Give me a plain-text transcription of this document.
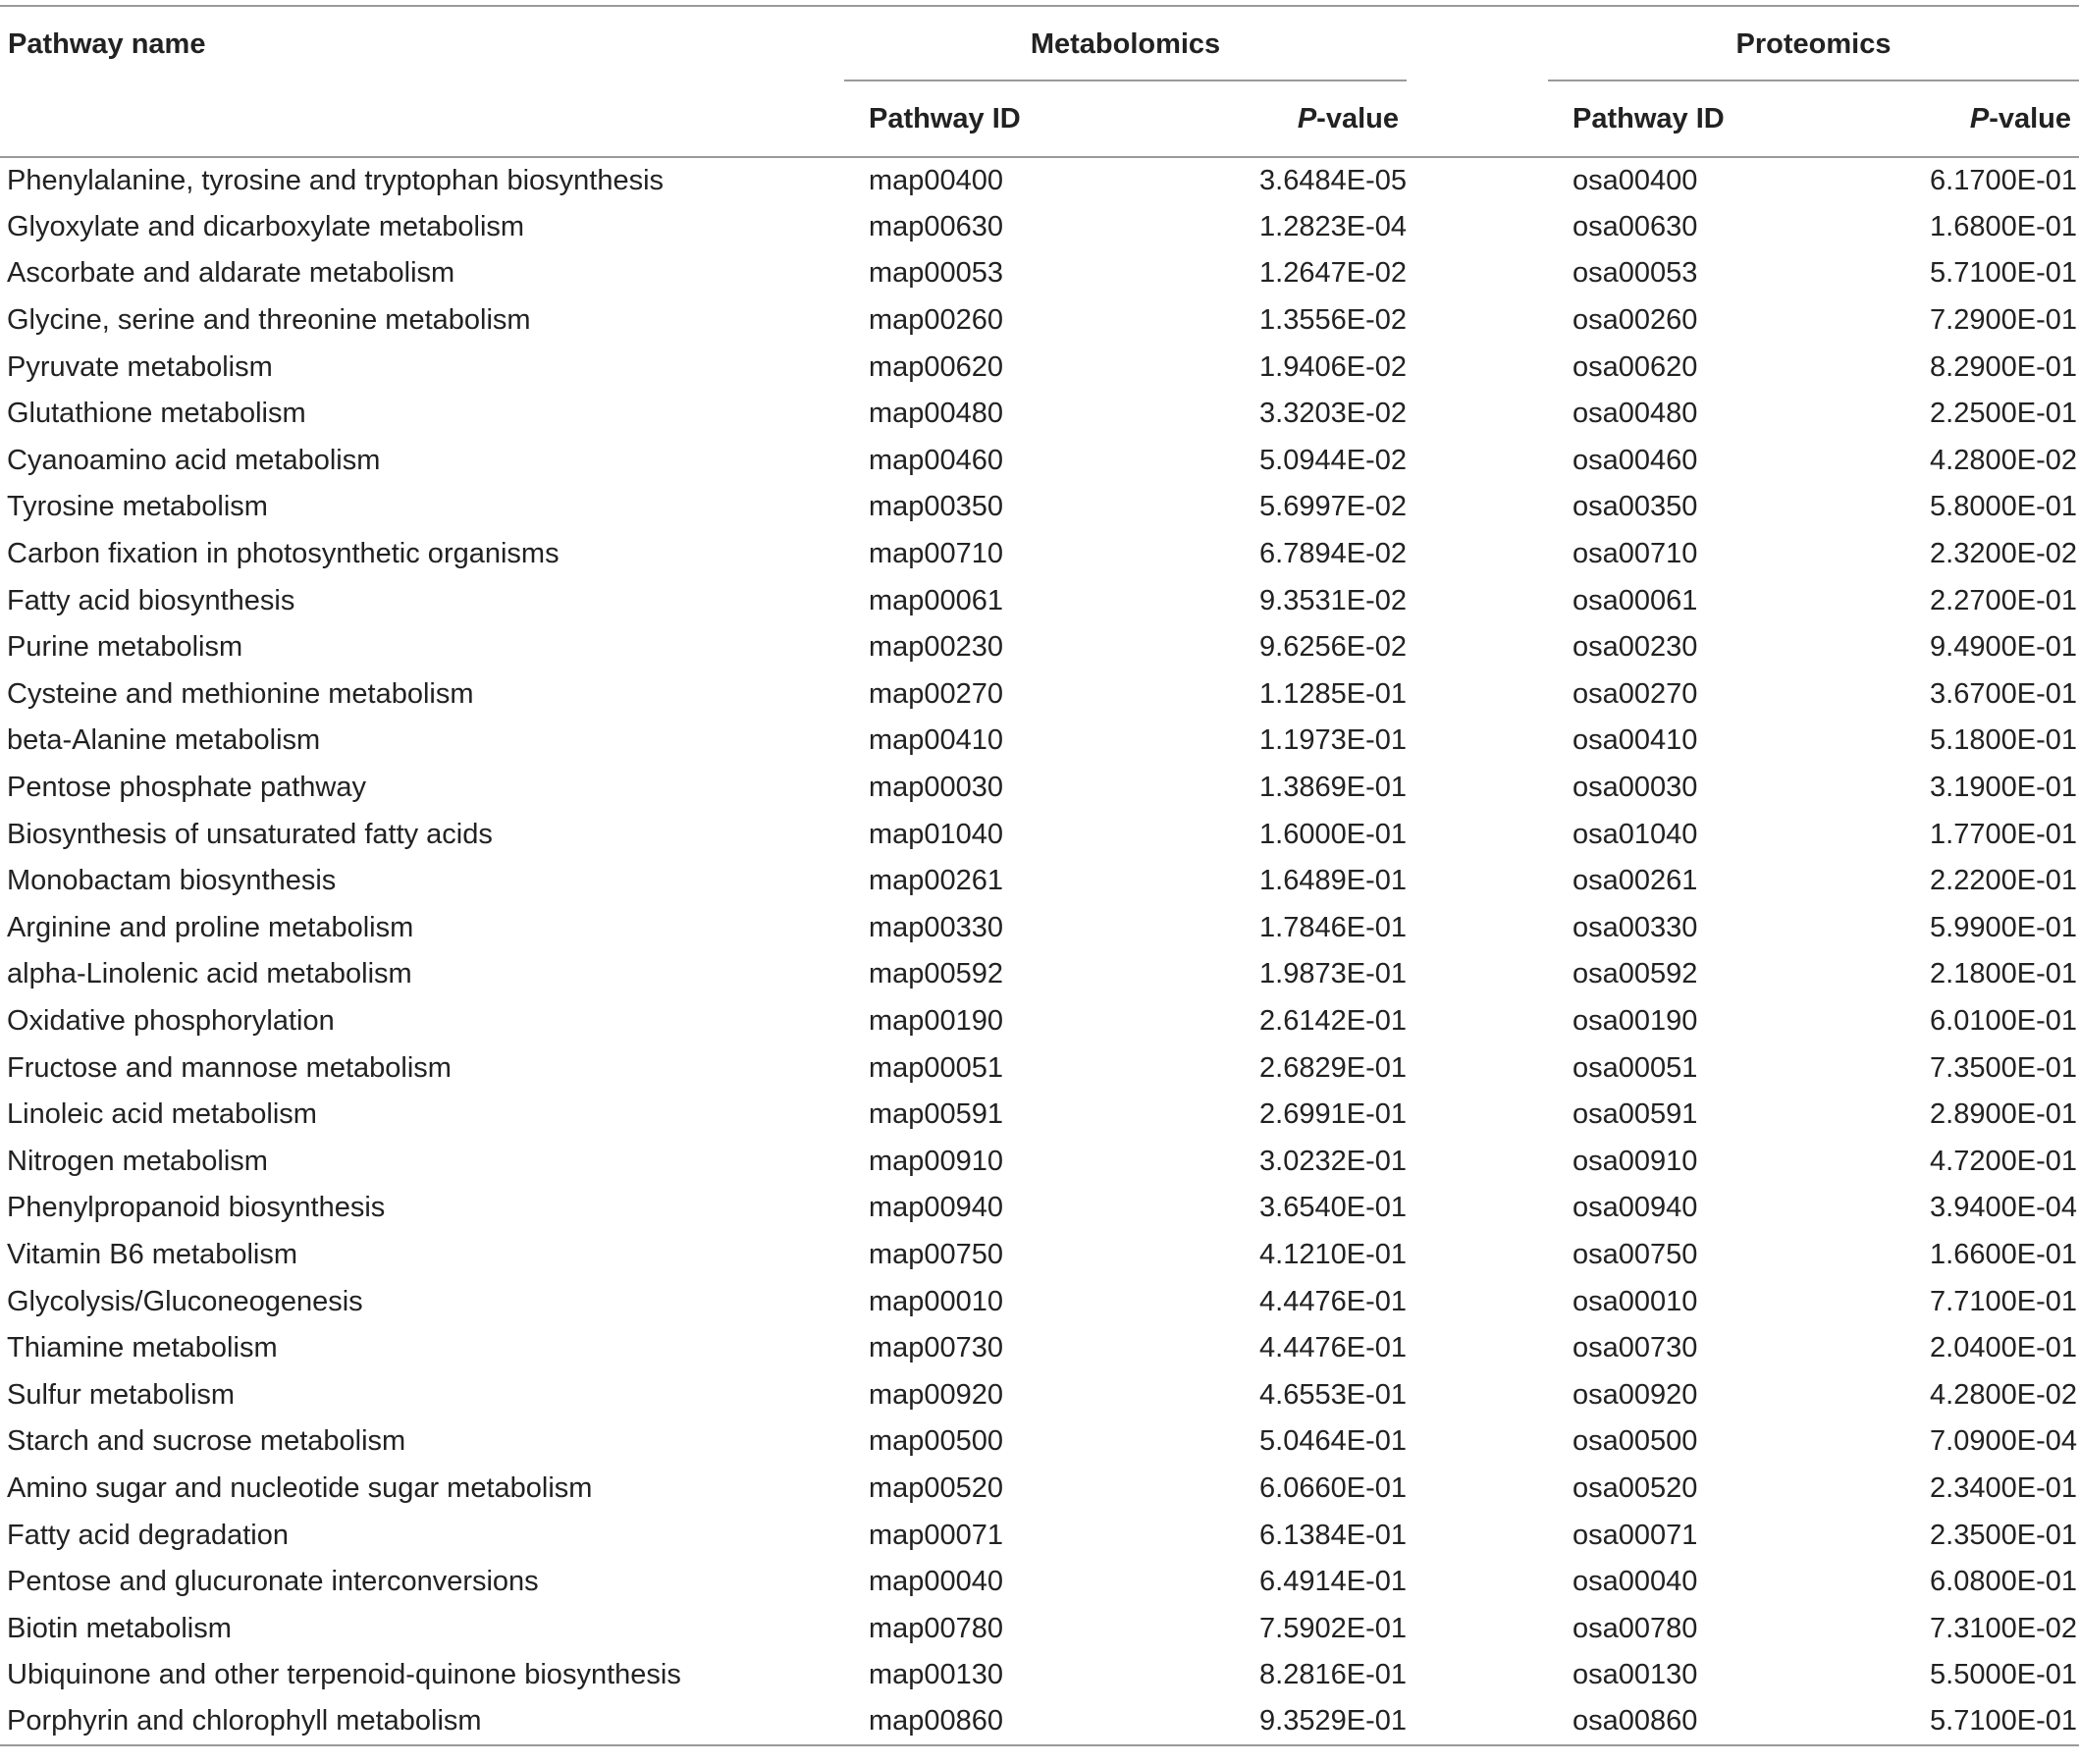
Pathway name	Metabolomics			Proteomics	
	Pathway ID	P-value		Pathway ID	P-value
Phenylalanine, tyrosine and tryptophan biosynthesis	map00400	3.6484E-05		osa00400	6.1700E-01
Glyoxylate and dicarboxylate metabolism	map00630	1.2823E-04		osa00630	1.6800E-01
Ascorbate and aldarate metabolism	map00053	1.2647E-02		osa00053	5.7100E-01
Glycine, serine and threonine metabolism	map00260	1.3556E-02		osa00260	7.2900E-01
Pyruvate metabolism	map00620	1.9406E-02		osa00620	8.2900E-01
Glutathione metabolism	map00480	3.3203E-02		osa00480	2.2500E-01
Cyanoamino acid metabolism	map00460	5.0944E-02		osa00460	4.2800E-02
Tyrosine metabolism	map00350	5.6997E-02		osa00350	5.8000E-01
Carbon fixation in photosynthetic organisms	map00710	6.7894E-02		osa00710	2.3200E-02
Fatty acid biosynthesis	map00061	9.3531E-02		osa00061	2.2700E-01
Purine metabolism	map00230	9.6256E-02		osa00230	9.4900E-01
Cysteine and methionine metabolism	map00270	1.1285E-01		osa00270	3.6700E-01
beta-Alanine metabolism	map00410	1.1973E-01		osa00410	5.1800E-01
Pentose phosphate pathway	map00030	1.3869E-01		osa00030	3.1900E-01
Biosynthesis of unsaturated fatty acids	map01040	1.6000E-01		osa01040	1.7700E-01
Monobactam biosynthesis	map00261	1.6489E-01		osa00261	2.2200E-01
Arginine and proline metabolism	map00330	1.7846E-01		osa00330	5.9900E-01
alpha-Linolenic acid metabolism	map00592	1.9873E-01		osa00592	2.1800E-01
Oxidative phosphorylation	map00190	2.6142E-01		osa00190	6.0100E-01
Fructose and mannose metabolism	map00051	2.6829E-01		osa00051	7.3500E-01
Linoleic acid metabolism	map00591	2.6991E-01		osa00591	2.8900E-01
Nitrogen metabolism	map00910	3.0232E-01		osa00910	4.7200E-01
Phenylpropanoid biosynthesis	map00940	3.6540E-01		osa00940	3.9400E-04
Vitamin B6 metabolism	map00750	4.1210E-01		osa00750	1.6600E-01
Glycolysis/Gluconeogenesis	map00010	4.4476E-01		osa00010	7.7100E-01
Thiamine metabolism	map00730	4.4476E-01		osa00730	2.0400E-01
Sulfur metabolism	map00920	4.6553E-01		osa00920	4.2800E-02
Starch and sucrose metabolism	map00500	5.0464E-01		osa00500	7.0900E-04
Amino sugar and nucleotide sugar metabolism	map00520	6.0660E-01		osa00520	2.3400E-01
Fatty acid degradation	map00071	6.1384E-01		osa00071	2.3500E-01
Pentose and glucuronate interconversions	map00040	6.4914E-01		osa00040	6.0800E-01
Biotin metabolism	map00780	7.5902E-01		osa00780	7.3100E-02
Ubiquinone and other terpenoid-quinone biosynthesis	map00130	8.2816E-01		osa00130	5.5000E-01
Porphyrin and chlorophyll metabolism	map00860	9.3529E-01		osa00860	5.7100E-01
